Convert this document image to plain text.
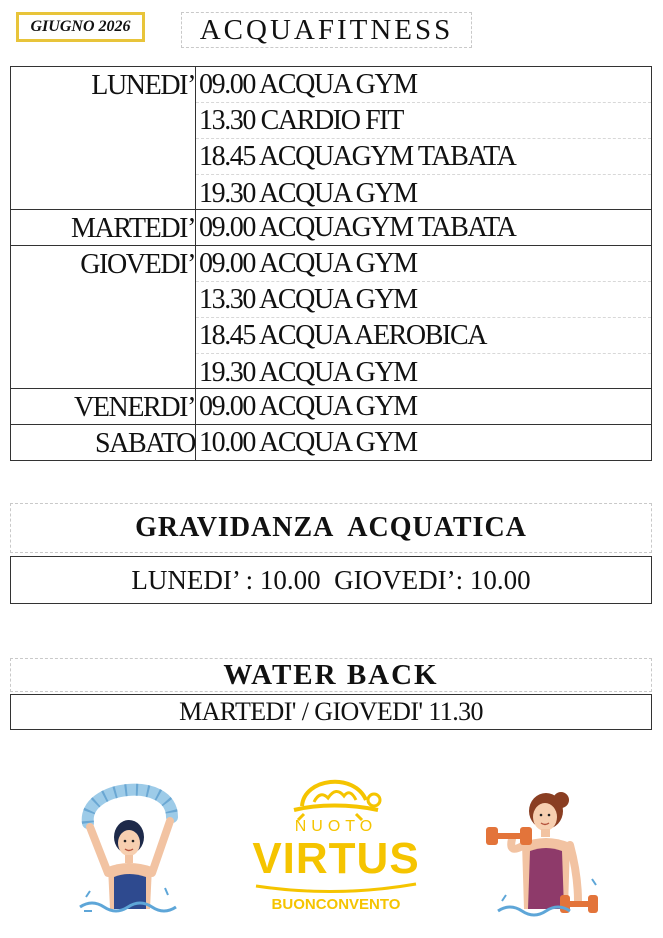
GIUGNO 2026 ACQUAFITNESS
LUNEDI’ 09.00 ACQUA GYM
13.30 CARDIO FIT
18.45 ACQUAGYM TABATA
19.30 ACQUA GYM
MARTEDI’ 09.00 ACQUAGYM TABATA
GIOVEDI’ 09.00 ACQUA GYM
13.30 ACQUA GYM
18.45 ACQUA AEROBICA
19.30 ACQUA GYM
VENERDI’ 09.00 ACQUA GYM
SABATO 10.00 ACQUA GYM
GRAVIDANZA  ACQUATICA
LUNEDI’ : 10.00  GIOVEDI’: 10.00
WATER BACK
MARTEDI' / GIOVEDI' 11.30
NUOTO
VIRTUS
BUONCONVENTO
